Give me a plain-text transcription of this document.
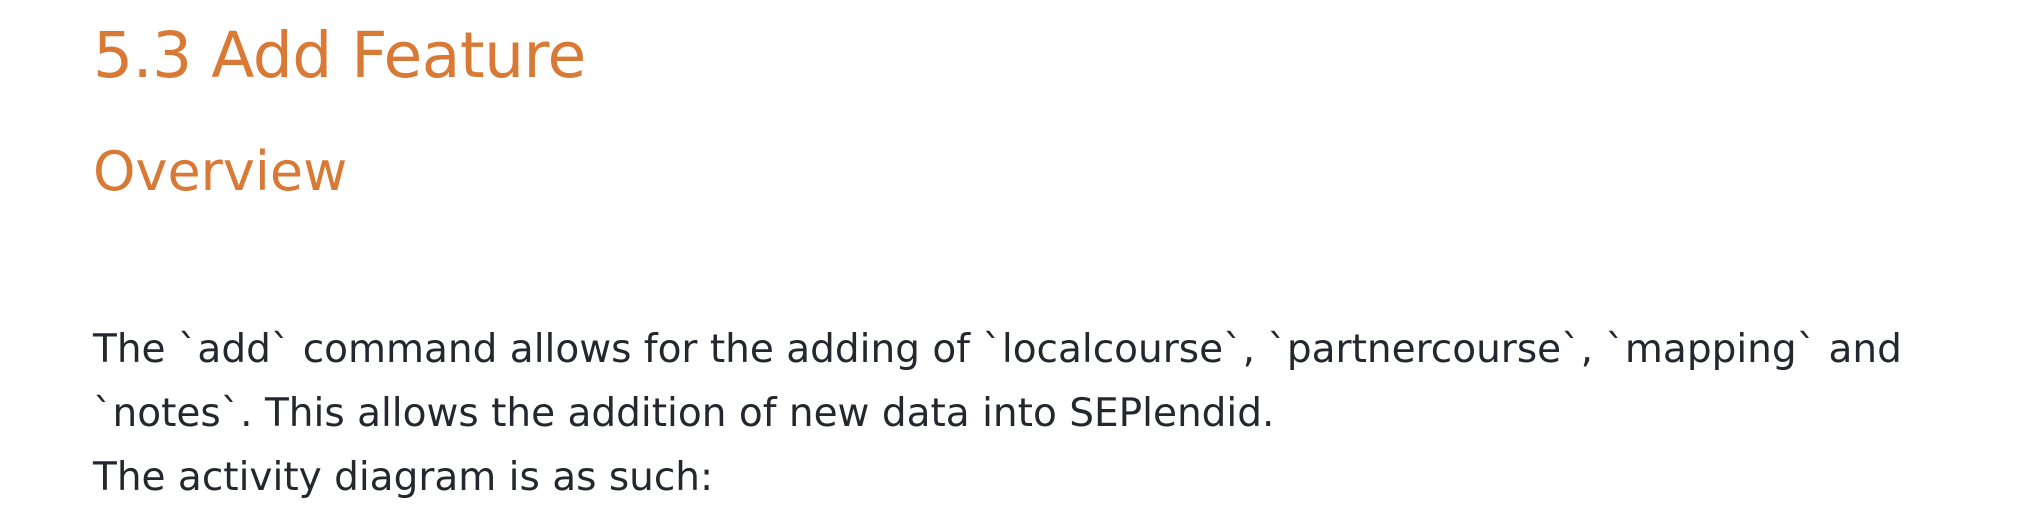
5.3 Add Feature
Overview

The `add` command allows for the adding of `localcourse`, `partnercourse`, `mapping` and
`notes`. This allows the addition of new data into SEPlendid.
The activity diagram is as such:
